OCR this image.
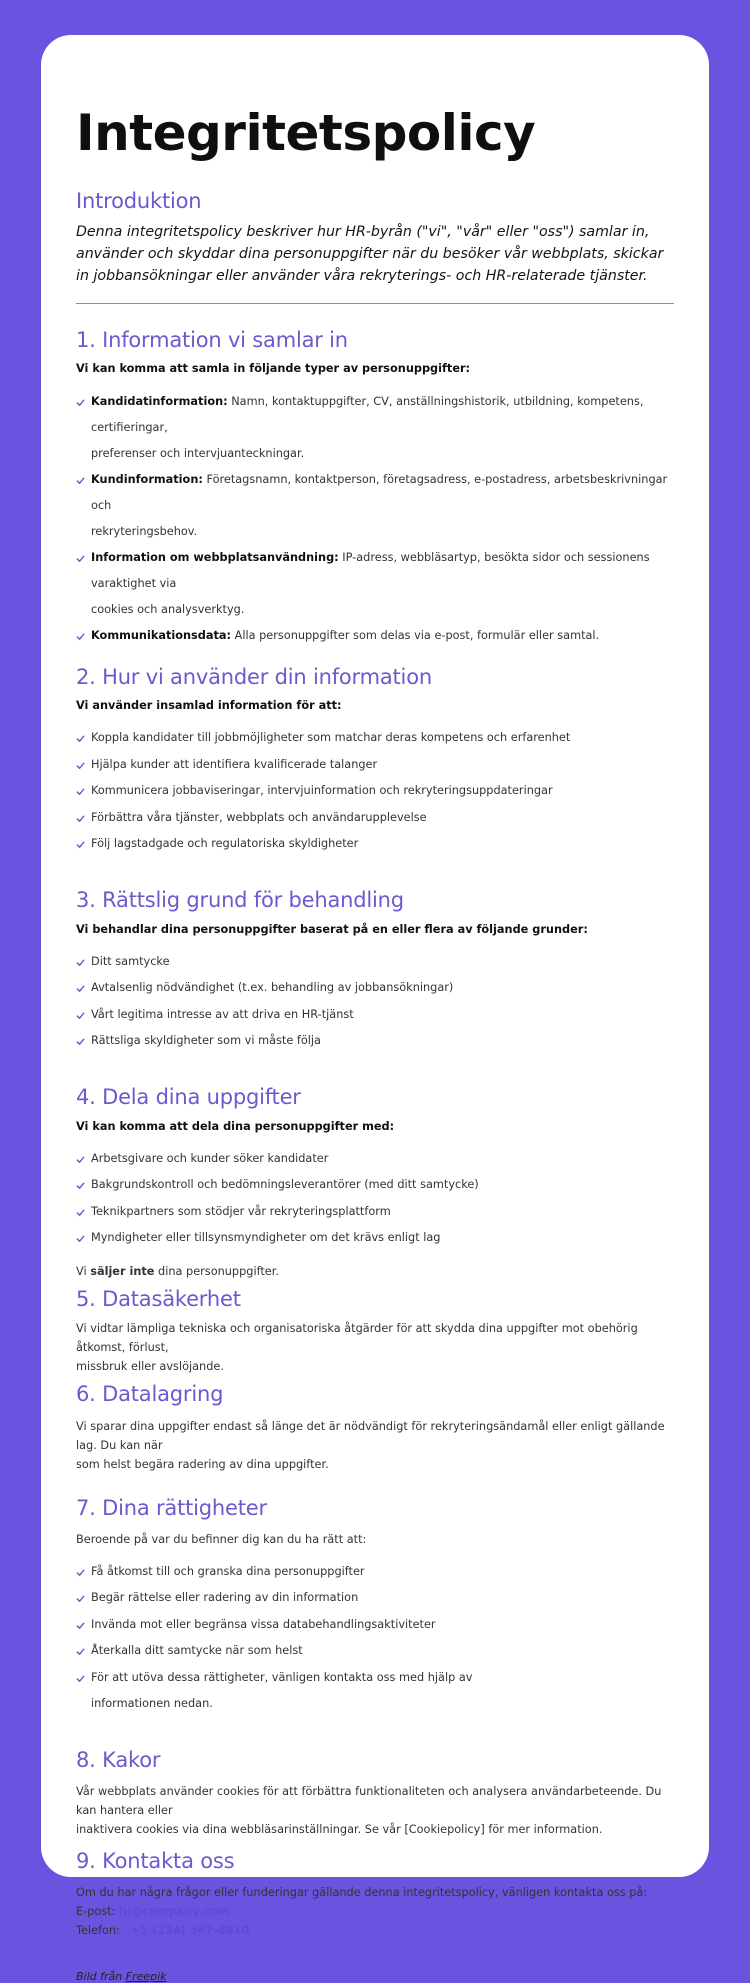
Integritetspolicy
Introduktion

Denna integritetspolicy beskriver hur HR-byrån ("vi", "vår" eller "oss") samlar in, använder och skyddar dina personuppgifter när du besöker vår webbplats, skickar in jobbansökningar eller använder våra rekryterings- och HR-relaterade tjänster.

1. Information vi samlar in

Vi kan komma att samla in följande typer av personuppgifter:

Kandidatinformation: Namn, kontaktuppgifter, CV, anställningshistorik, utbildning, kompetens, certifieringar,
preferenser och intervjuanteckningar.
Kundinformation: Företagsnamn, kontaktperson, företagsadress, e-postadress, arbetsbeskrivningar och
rekryteringsbehov.
Information om webbplatsanvändning: IP-adress, webbläsartyp, besökta sidor och sessionens varaktighet via
cookies och analysverktyg.
Kommunikationsdata: Alla personuppgifter som delas via e-post, formulär eller samtal.
2. Hur vi använder din information

Vi använder insamlad information för att:

Koppla kandidater till jobbmöjligheter som matchar deras kompetens och erfarenhet
Hjälpa kunder att identifiera kvalificerade talanger
Kommunicera jobbaviseringar, intervjuinformation och rekryteringsuppdateringar
Förbättra våra tjänster, webbplats och användarupplevelse
Följ lagstadgade och regulatoriska skyldigheter
3. Rättslig grund för behandling

Vi behandlar dina personuppgifter baserat på en eller flera av följande grunder:

Ditt samtycke
Avtalsenlig nödvändighet (t.ex. behandling av jobbansökningar)
Vårt legitima intresse av att driva en HR-tjänst
Rättsliga skyldigheter som vi måste följa
4. Dela dina uppgifter

Vi kan komma att dela dina personuppgifter med:

Arbetsgivare och kunder söker kandidater
Bakgrundskontroll och bedömningsleverantörer (med ditt samtycke)
Teknikpartners som stödjer vår rekryteringsplattform
Myndigheter eller tillsynsmyndigheter om det krävs enligt lag

Vi säljer inte dina personuppgifter.

5. Datasäkerhet

Vi vidtar lämpliga tekniska och organisatoriska åtgärder för att skydda dina uppgifter mot obehörig åtkomst, förlust,
missbruk eller avslöjande.

6. Datalagring

Vi sparar dina uppgifter endast så länge det är nödvändigt för rekryteringsändamål eller enligt gällande lag. Du kan när
som helst begära radering av dina uppgifter.

7. Dina rättigheter

Beroende på var du befinner dig kan du ha rätt att:

Få åtkomst till och granska dina personuppgifter
Begär rättelse eller radering av din information
Invända mot eller begränsa vissa databehandlingsaktiviteter
Återkalla ditt samtycke när som helst
För att utöva dessa rättigheter, vänligen kontakta oss med hjälp av
informationen nedan.
8. Kakor

Vår webbplats använder cookies för att förbättra funktionaliteten och analysera användarbeteende. Du kan hantera eller
inaktivera cookies via dina webbläsarinställningar. Se vår [Cookiepolicy] för mer information.

9. Kontakta oss

Om du har några frågor eller funderingar gällande denna integritetspolicy, vänligen kontakta oss på:

E-post: hi@company.com

Telefon:   +1 (234) 567-8910

Bild från Freepik
